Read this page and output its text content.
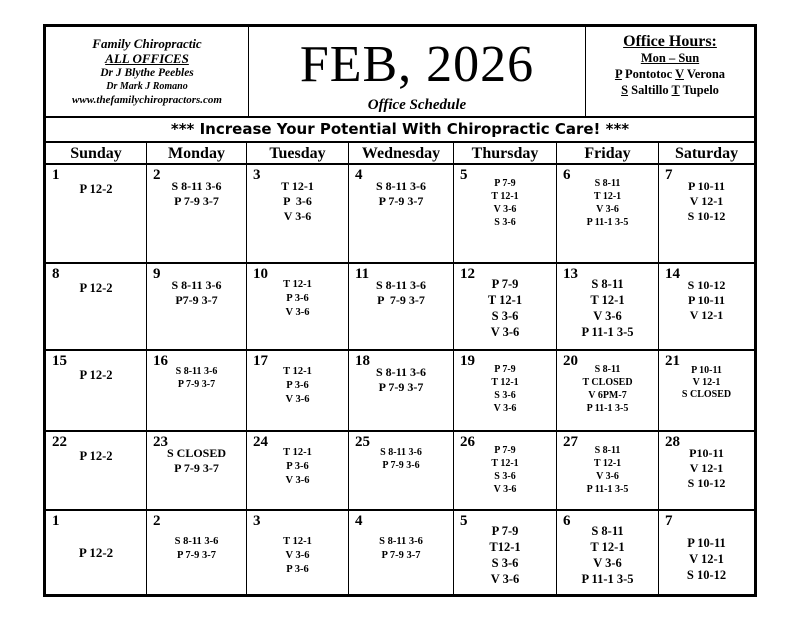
Family Chiropractic
ALL OFFICES
Dr J Blythe Peebles
Dr Mark J Romano
www.thefamilychiropractors.com
FEB, 2026
Office Schedule
Office Hours:
Mon – Sun
P Pontotoc V Verona
S Saltillo T Tupelo
*** Increase Your Potential With Chiropractic Care! ***
Sunday	Monday	Tuesday	Wednesday	Thursday	Friday	Saturday
1
P 12-2
2
S 8-11 3-6
P 7-9 3-7
3
T 12-1
P  3-6
V 3-6
4
S 8-11 3-6
P 7-9 3-7
5
P 7-9
T 12-1
V 3-6
S 3-6
6
S 8-11
T 12-1
V 3-6
P 11-1 3-5
7
P 10-11
V 12-1
S 10-12
8
P 12-2
9
S 8-11 3-6
P7-9 3-7
10
T 12-1
P 3-6
V 3-6
11
S 8-11 3-6
P  7-9 3-7
12
P 7-9
T 12-1
S 3-6
V 3-6
13
S 8-11
T 12-1
V 3-6
P 11-1 3-5
14
S 10-12
P 10-11
V 12-1
15
P 12-2
16
S 8-11 3-6
P 7-9 3-7
17
T 12-1
P 3-6
V 3-6
18
S 8-11 3-6
P 7-9 3-7
19
P 7-9
T 12-1
S 3-6
V 3-6
20
S 8-11
T CLOSED
V 6PM-7
P 11-1 3-5
21
P 10-11
V 12-1
S CLOSED
22
P 12-2
23
S CLOSED
P 7-9 3-7
24
T 12-1
P 3-6
V 3-6
25
S 8-11 3-6
P 7-9 3-6
26
P 7-9
T 12-1
S 3-6
V 3-6
27
S 8-11
T 12-1
V 3-6
P 11-1 3-5
28
P10-11
V 12-1
S 10-12
1
P 12-2
2
S 8-11 3-6
P 7-9 3-7
3
T 12-1
V 3-6
P 3-6
4
S 8-11 3-6
P 7-9 3-7
5
P 7-9
T12-1
S 3-6
V 3-6
6
S 8-11
T 12-1
V 3-6
P 11-1 3-5
7
P 10-11
V 12-1
S 10-12
